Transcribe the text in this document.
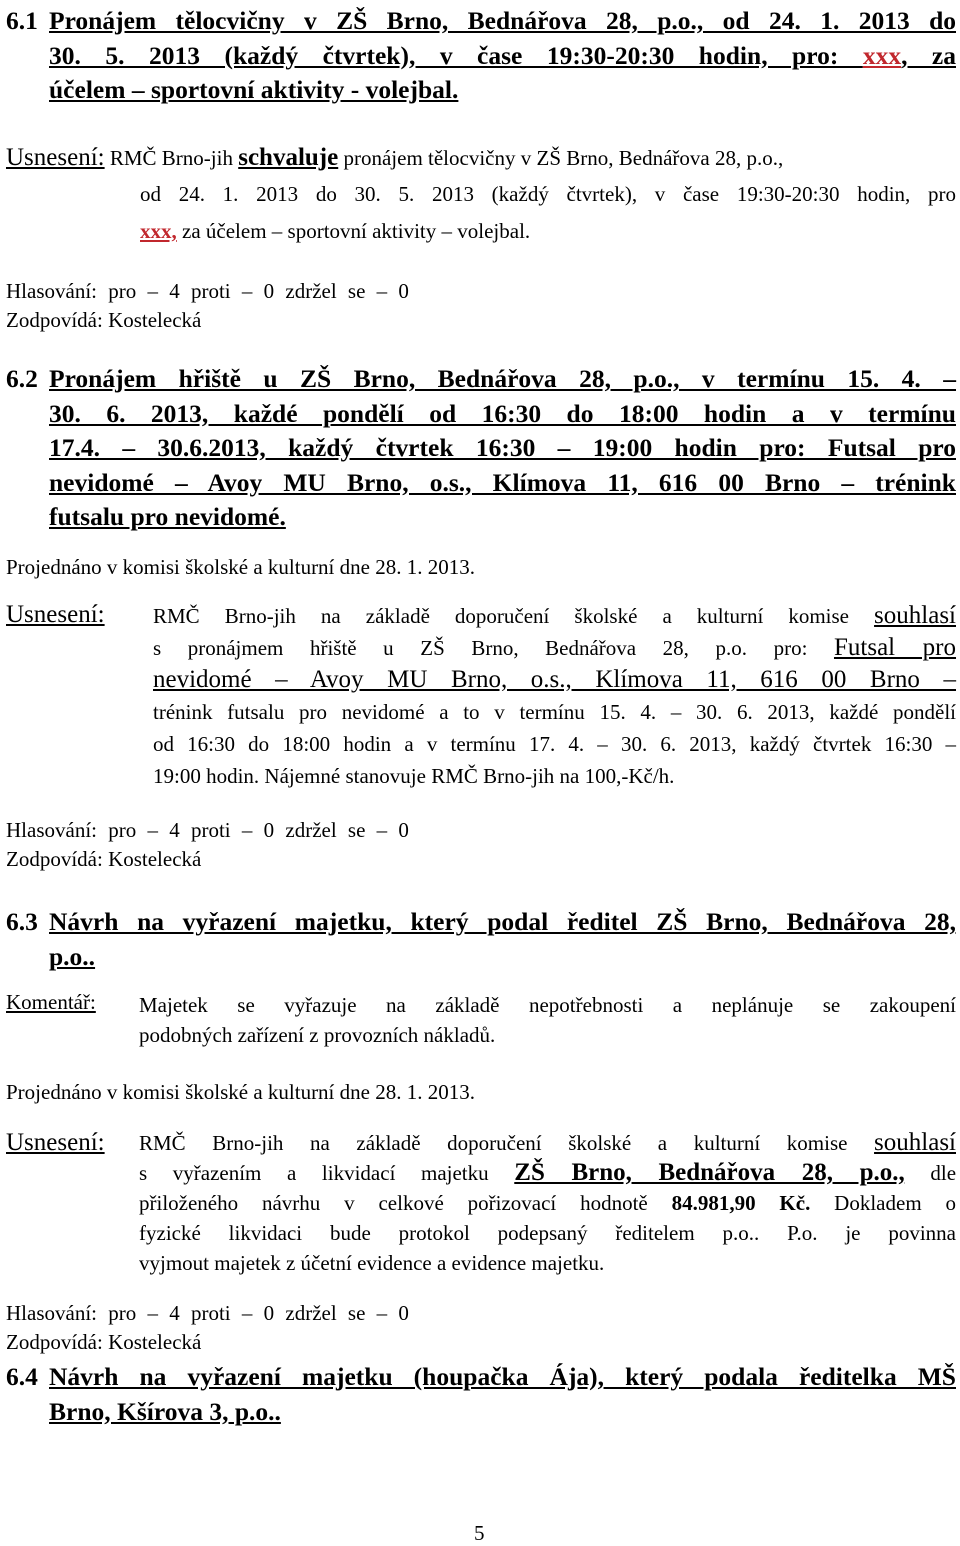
6.1 Pronájem tělocvičny v ZŠ Brno, Bednářova 28, p.o., od 24. 1. 2013 do
30. 5. 2013 (každý čtvrtek), v čase 19:30-20:30 hodin, pro: xxx, za
účelem – sportovní aktivity - volejbal.
Usnesení: RMČ Brno-jih schvaluje pronájem tělocvičny v ZŠ Brno, Bednářova 28, p.o.,
od 24. 1. 2013 do 30. 5. 2013 (každý čtvrtek), v čase 19:30-20:30 hodin, pro
xxx, za účelem – sportovní aktivity – volejbal.
Hlasování: pro – 4 proti – 0 zdržel se – 0
Zodpovídá: Kostelecká
6.2 Pronájem hřiště u ZŠ Brno, Bednářova 28, p.o., v termínu 15. 4. –
30. 6. 2013, každé pondělí od 16:30 do 18:00 hodin a v termínu
17.4. – 30.6.2013, každý čtvrtek 16:30 – 19:00 hodin pro: Futsal pro
nevidomé – Avoy MU Brno, o.s., Klímova 11, 616 00 Brno – trénink
futsalu pro nevidomé.
Projednáno v komisi školské a kulturní dne 28. 1. 2013.
Usnesení: RMČ Brno-jih na základě doporučení školské a kulturní komise souhlasí
s pronájmem hřiště u ZŠ Brno, Bednářova 28, p.o. pro: Futsal pro
nevidomé – Avoy MU Brno, o.s., Klímova 11, 616 00 Brno –
trénink futsalu pro nevidomé a to v termínu 15. 4. – 30. 6. 2013, každé pondělí
od 16:30 do 18:00 hodin a v termínu 17. 4. – 30. 6. 2013, každý čtvrtek 16:30 –
19:00 hodin. Nájemné stanovuje RMČ Brno-jih na 100,-Kč/h.
Hlasování: pro – 4 proti – 0 zdržel se – 0
Zodpovídá: Kostelecká
6.3 Návrh na vyřazení majetku, který podal ředitel ZŠ Brno, Bednářova 28,
p.o..
Komentář: Majetek se vyřazuje na základě nepotřebnosti a neplánuje se zakoupení
podobných zařízení z provozních nákladů.
Projednáno v komisi školské a kulturní dne 28. 1. 2013.
Usnesení: RMČ Brno-jih na základě doporučení školské a kulturní komise souhlasí
s vyřazením a likvidací majetku ZŠ Brno, Bednářova 28, p.o., dle
přiloženého návrhu v celkové pořizovací hodnotě 84.981,90 Kč. Dokladem o
fyzické likvidaci bude protokol podepsaný ředitelem p.o.. P.o. je povinna
vyjmout majetek z účetní evidence a evidence majetku.
Hlasování: pro – 4 proti – 0 zdržel se – 0
Zodpovídá: Kostelecká
6.4 Návrh na vyřazení majetku (houpačka Ája), který podala ředitelka MŠ
Brno, Kšírova 3, p.o..
5
